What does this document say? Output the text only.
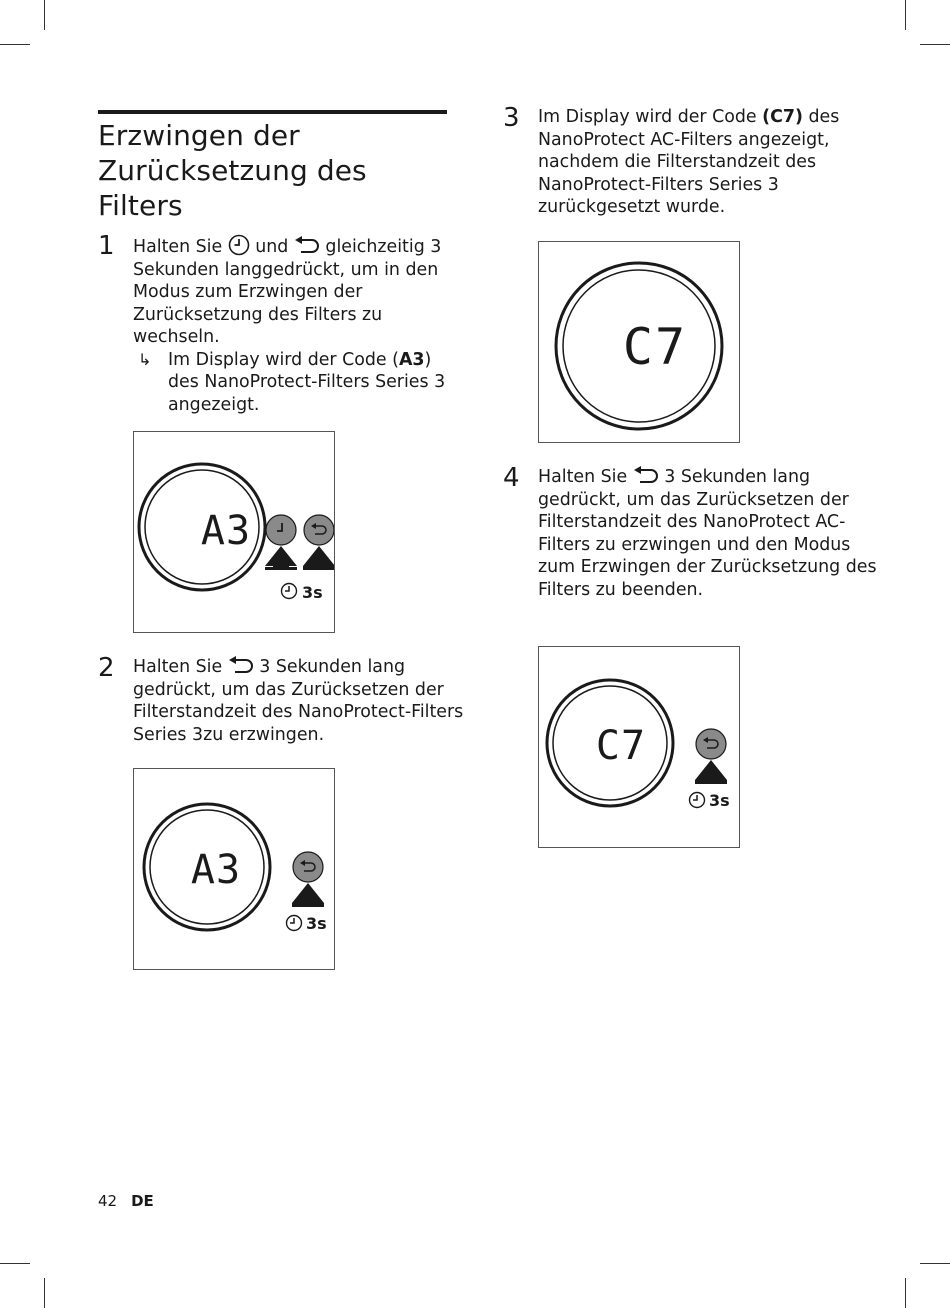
Erzwingen der
Zurücksetzung des
Filters
1 Halten Sie  und  gleichzeitig 3 Sekunden langgedrückt, um in den Modus zum Erzwingen der Zurücksetzung des Filters zu wechseln.

↳ Im Display wird der Code (A3) des NanoProtect-Filters Series 3 angezeigt.

A3
3s
2 Halten Sie  3 Sekunden lang gedrückt, um das Zurücksetzen der Filterstandzeit des NanoProtect-Filters Series 3zu erzwingen.

A3
3s
3 Im Display wird der Code (C7) des NanoProtect AC-Filters angezeigt, nachdem die Filterstandzeit des NanoProtect-Filters Series 3 zurückgesetzt wurde.

C7
4 Halten Sie  3 Sekunden lang gedrückt, um das Zurücksetzen der Filterstandzeit des NanoProtect AC-Filters zu erzwingen und den Modus zum Erzwingen der Zurücksetzung des Filters zu beenden.

C7
3s
42 DE
